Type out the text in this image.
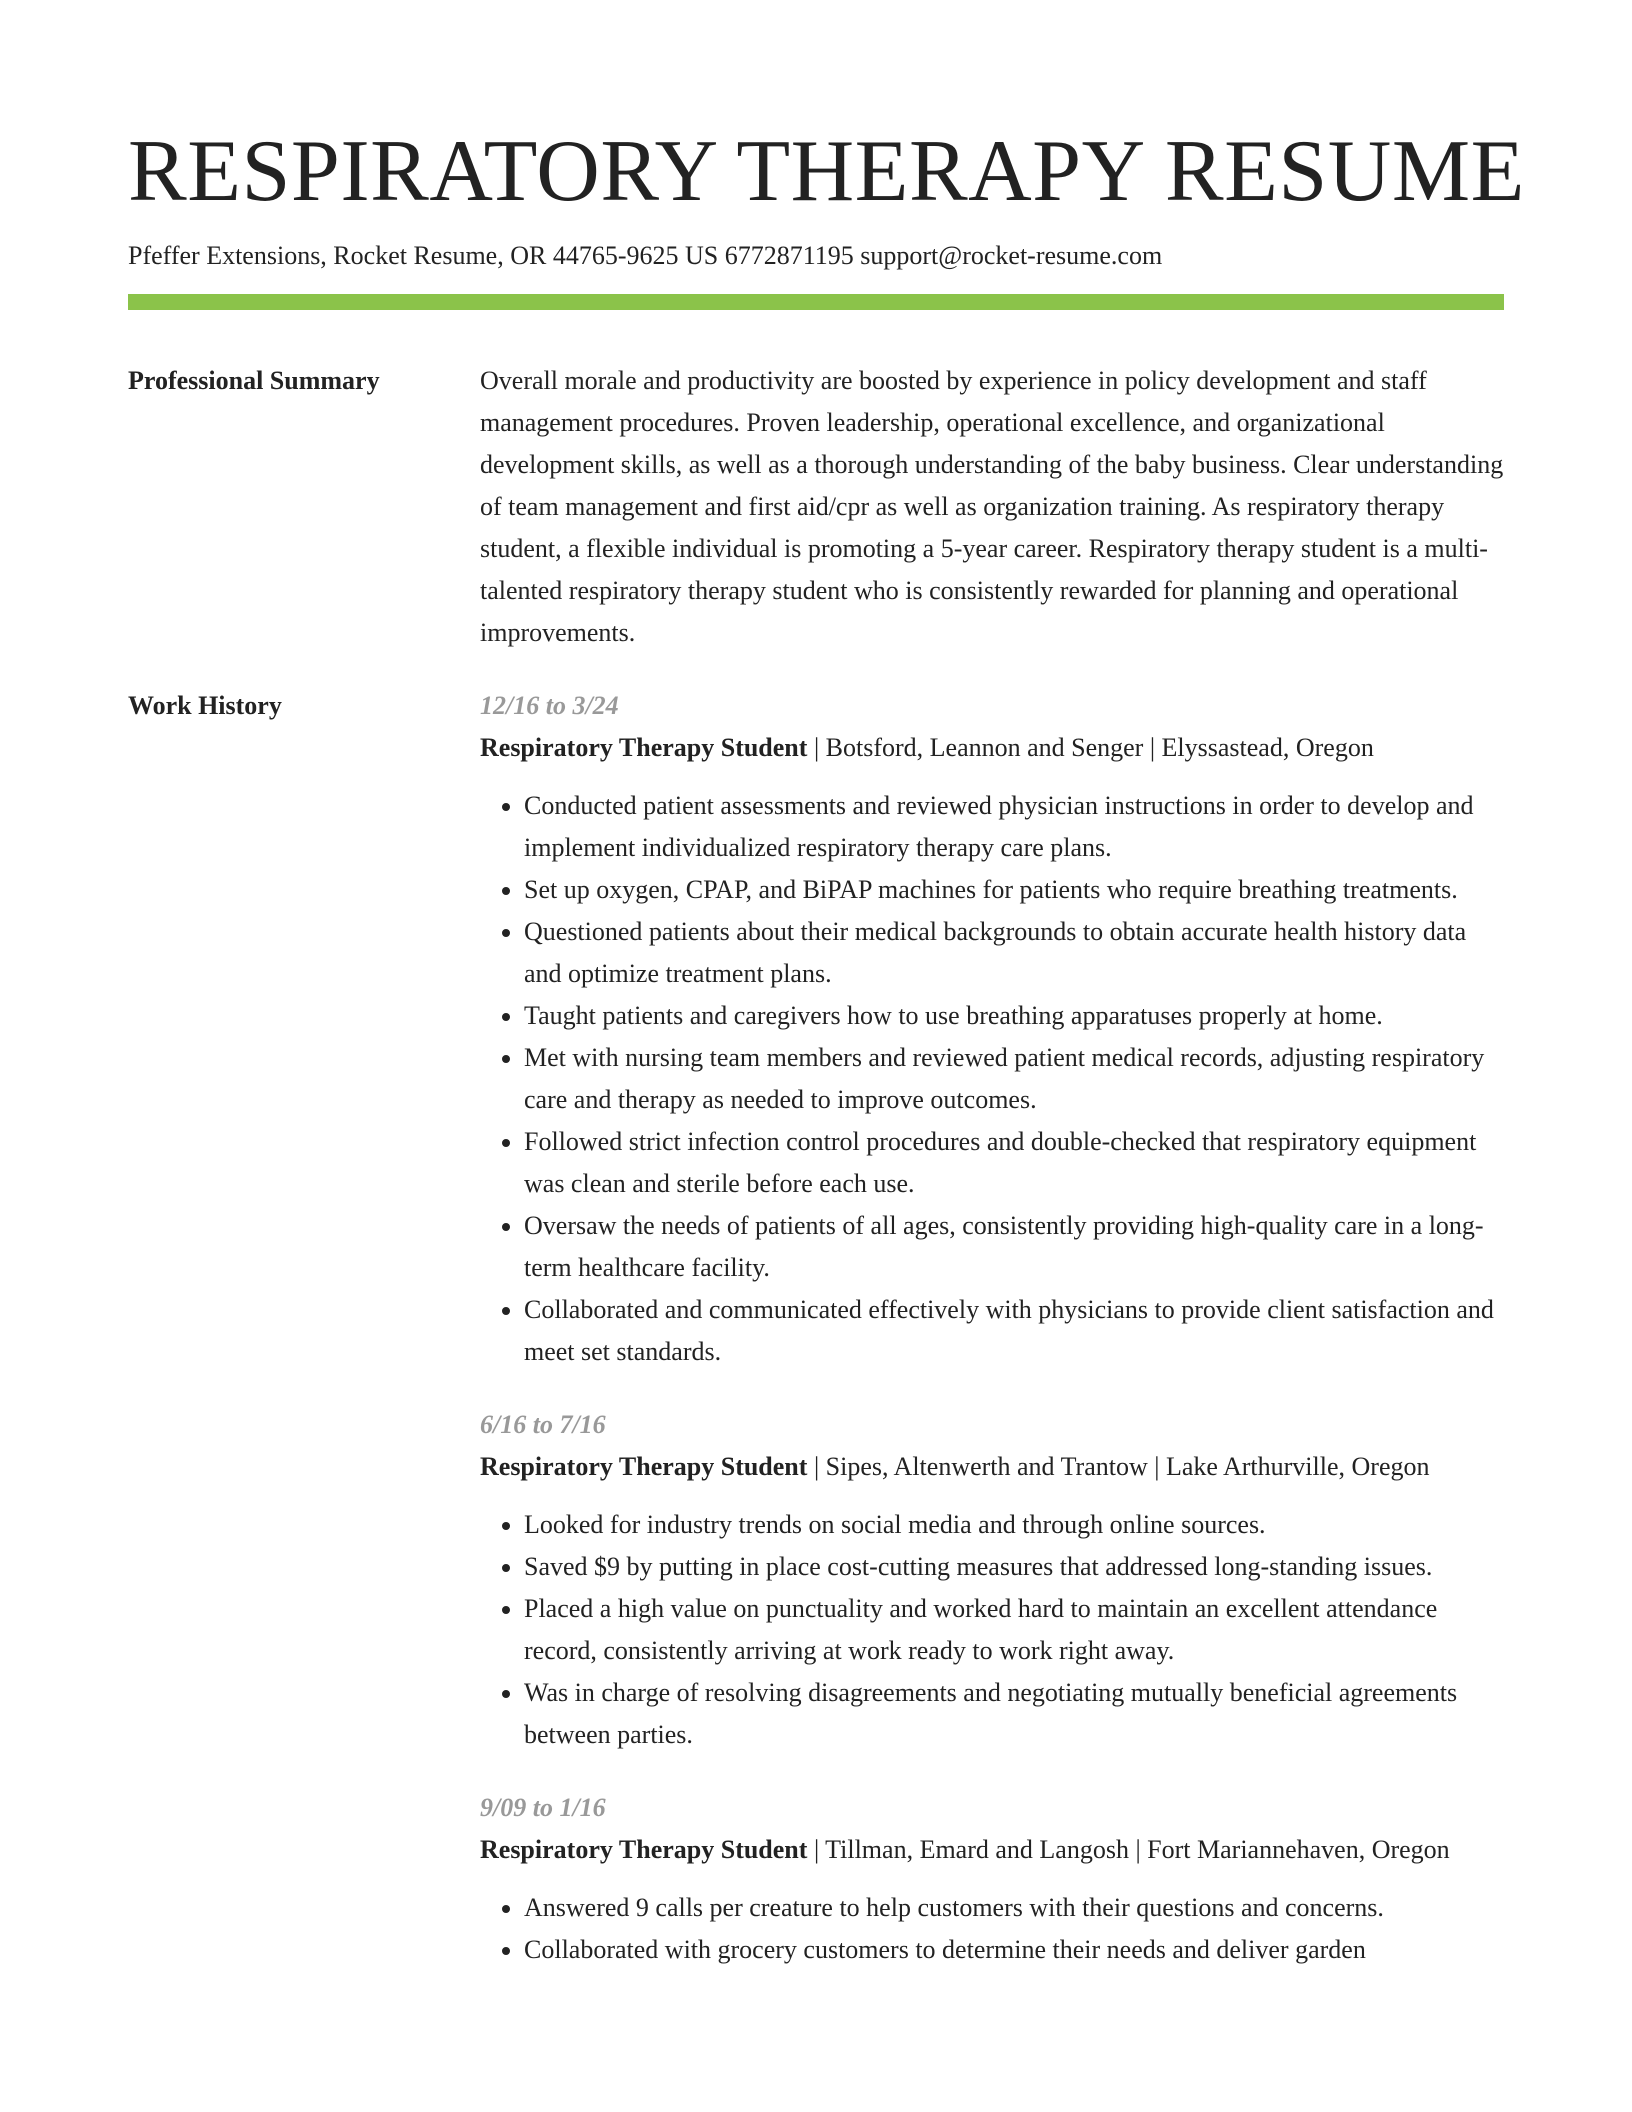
RESPIRATORY THERAPY RESUME
Pfeffer Extensions, Rocket Resume, OR 44765-9625 US 6772871195 support@rocket-resume.com
Professional Summary	Overall morale and productivity are boosted by experience in policy development and staff management procedures. Proven leadership, operational excellence, and organizational development skills, as well as a thorough understanding of the baby business. Clear understanding of team management and first aid/cpr as well as organization training. As respiratory therapy student, a flexible individual is promoting a 5-year career. Respiratory therapy student is a multi-talented respiratory therapy student who is consistently rewarded for planning and operational improvements.

Work History	12/16 to 3/24

Respiratory Therapy Student | Botsford, Leannon and Senger | Elyssastead, Oregon

• Conducted patient assessments and reviewed physician instructions in order to develop and implement individualized respiratory therapy care plans.
• Set up oxygen, CPAP, and BiPAP machines for patients who require breathing treatments.
• Questioned patients about their medical backgrounds to obtain accurate health history data and optimize treatment plans.
• Taught patients and caregivers how to use breathing apparatuses properly at home.
• Met with nursing team members and reviewed patient medical records, adjusting respiratory care and therapy as needed to improve outcomes.
• Followed strict infection control procedures and double-checked that respiratory equipment was clean and sterile before each use.
• Oversaw the needs of patients of all ages, consistently providing high-quality care in a long-term healthcare facility.
• Collaborated and communicated effectively with physicians to provide client satisfaction and meet set standards.
6/16 to 7/16

Respiratory Therapy Student | Sipes, Altenwerth and Trantow | Lake Arthurville, Oregon

• Looked for industry trends on social media and through online sources.
• Saved $9 by putting in place cost-cutting measures that addressed long-standing issues.
• Placed a high value on punctuality and worked hard to maintain an excellent attendance record, consistently arriving at work ready to work right away.
• Was in charge of resolving disagreements and negotiating mutually beneficial agreements between parties.
9/09 to 1/16

Respiratory Therapy Student | Tillman, Emard and Langosh | Fort Mariannehaven, Oregon

• Answered 9 calls per creature to help customers with their questions and concerns.
• Collaborated with grocery customers to determine their needs and deliver garden
